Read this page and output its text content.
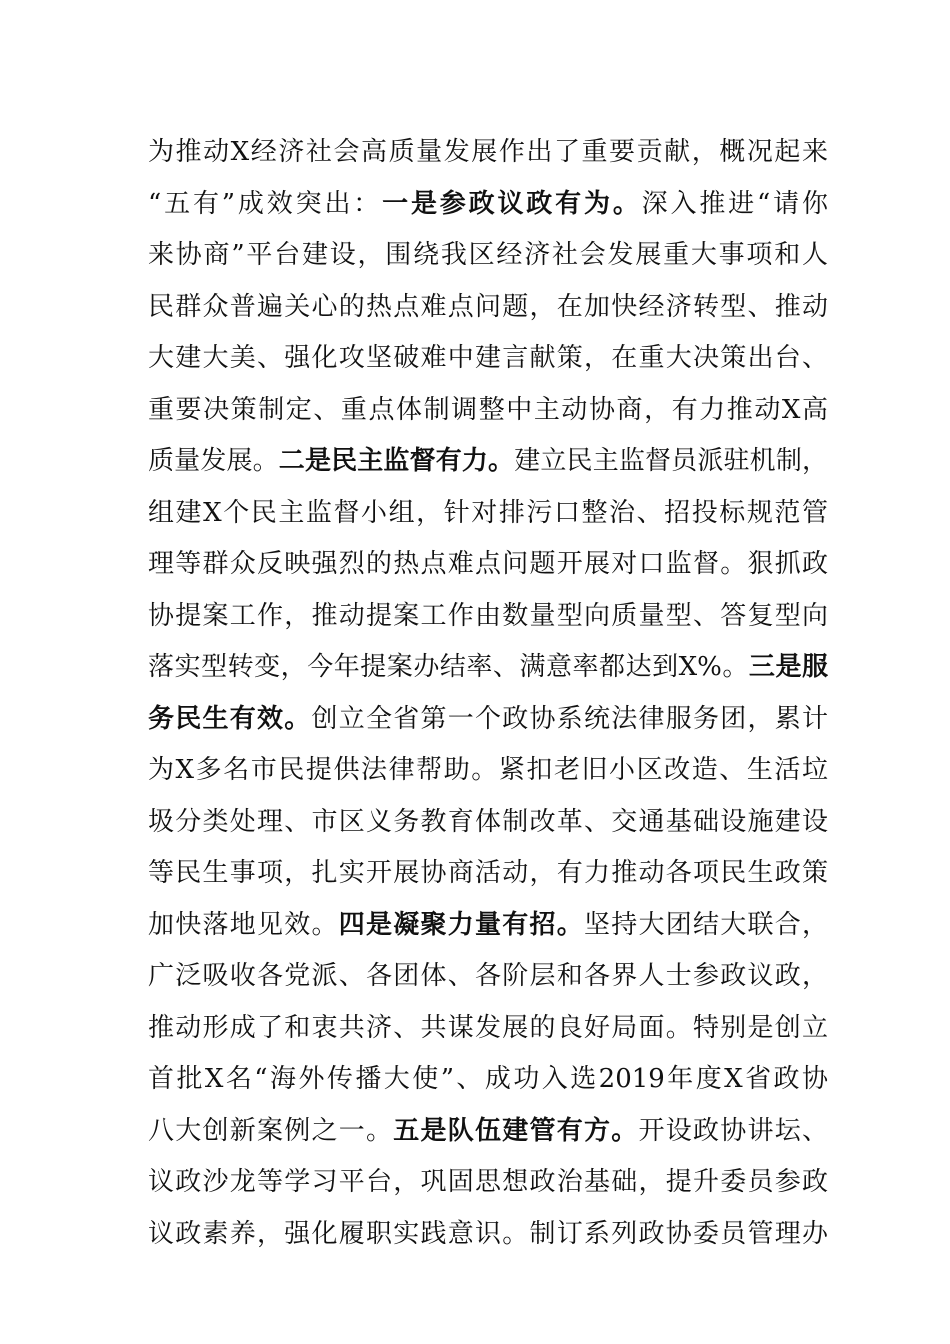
为推动X经济社会高质量发展作出了重要贡献，概况起来
“五有”成效突出：一是参政议政有为。深入推进“请你
来协商”平台建设，围绕我区经济社会发展重大事项和人
民群众普遍关心的热点难点问题，在加快经济转型、推动
大建大美、强化攻坚破难中建言献策，在重大决策出台、
重要决策制定、重点体制调整中主动协商，有力推动X高
质量发展。二是民主监督有力。建立民主监督员派驻机制，
组建X个民主监督小组，针对排污口整治、招投标规范管
理等群众反映强烈的热点难点问题开展对口监督。狠抓政
协提案工作，推动提案工作由数量型向质量型、答复型向
落实型转变，今年提案办结率、满意率都达到X%。三是服
务民生有效。创立全省第一个政协系统法律服务团，累计
为X多名市民提供法律帮助。紧扣老旧小区改造、生活垃
圾分类处理、市区义务教育体制改革、交通基础设施建设
等民生事项，扎实开展协商活动，有力推动各项民生政策
加快落地见效。四是凝聚力量有招。坚持大团结大联合，
广泛吸收各党派、各团体、各阶层和各界人士参政议政，
推动形成了和衷共济、共谋发展的良好局面。特别是创立
首批X名“海外传播大使”、成功入选2019年度X省政协
八大创新案例之一。五是队伍建管有方。开设政协讲坛、
议政沙龙等学习平台，巩固思想政治基础，提升委员参政
议政素养，强化履职实践意识。制订系列政协委员管理办
